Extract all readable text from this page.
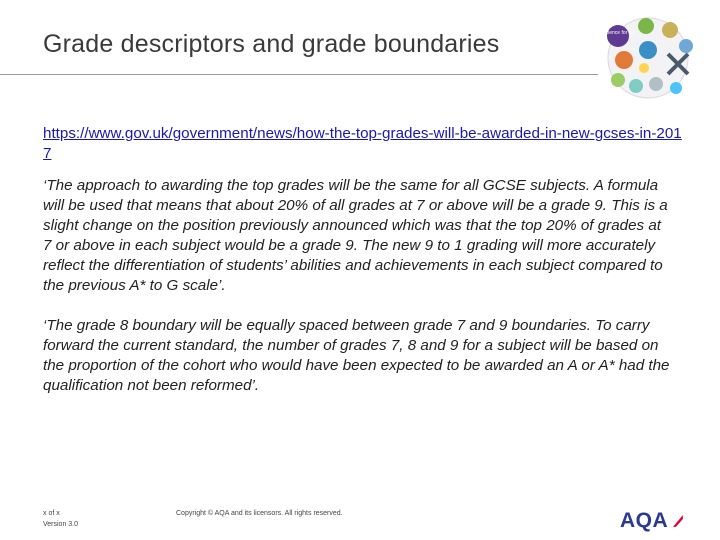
Grade descriptors and grade boundaries	Science for all
https://www.gov.uk/government/news/how-the-top-grades-will-be-awarded-in-new-gcses-in-2017

‘The approach to awarding the top grades will be the same for all GCSE subjects. A formula will be used that means that about 20% of all grades at 7 or above will be a grade 9. This is a slight change on the position previously announced which was that the top 20% of grades at 7 or above in each subject would be a grade 9. The new 9 to 1 grading will more accurately reflect the differentiation of students’ abilities and achievements in each subject compared to the previous A* to G scale’.

‘The grade 8 boundary will be equally spaced between grade 7 and 9 boundaries. To carry forward the current standard, the number of grades 7, 8 and 9 for a subject will be based on the proportion of the cohort who would have been expected to be awarded an A or A* had the qualification not been reformed’.

x of x
Version 3.0
Copyright © AQA and its licensors. All rights reserved.	AQA
